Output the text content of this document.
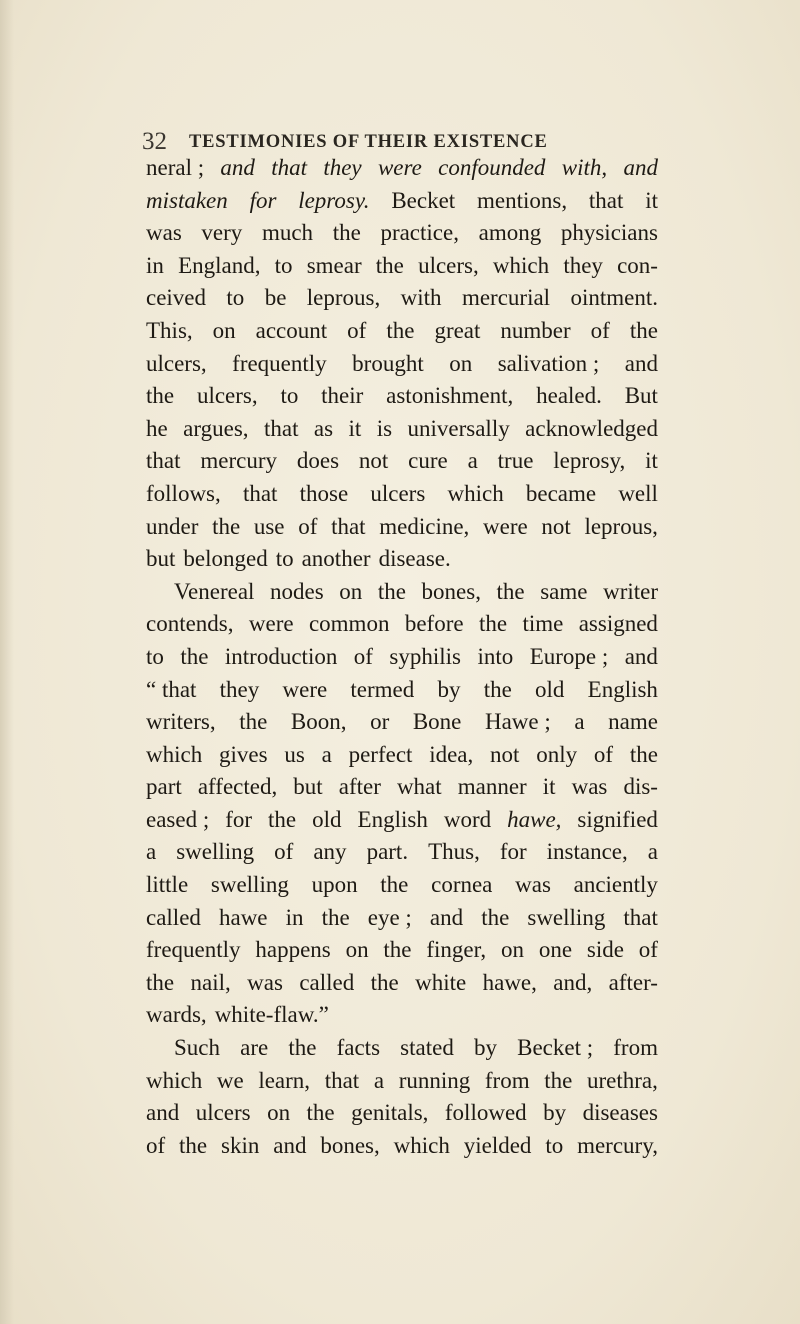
32 TESTIMONIES OF THEIR EXISTENCE
neral ; and that they were confounded with, and
mistaken for leprosy. Becket mentions, that it
was very much the practice, among physicians
in England, to smear the ulcers, which they con-
ceived to be leprous, with mercurial ointment.
This, on account of the great number of the
ulcers, frequently brought on salivation ; and
the ulcers, to their astonishment, healed. But
he argues, that as it is universally acknowledged
that mercury does not cure a true leprosy, it
follows, that those ulcers which became well
under the use of that medicine, were not leprous,
but belonged to another disease.
Venereal nodes on the bones, the same writer
contends, were common before the time assigned
to the introduction of syphilis into Europe ; and
“ that they were termed by the old English
writers, the Boon, or Bone Hawe ; a name
which gives us a perfect idea, not only of the
part affected, but after what manner it was dis-
eased ; for the old English word hawe, signified
a swelling of any part. Thus, for instance, a
little swelling upon the cornea was anciently
called hawe in the eye ; and the swelling that
frequently happens on the finger, on one side of
the nail, was called the white hawe, and, after-
wards, white-flaw.”
Such are the facts stated by Becket ; from
which we learn, that a running from the urethra,
and ulcers on the genitals, followed by diseases
of the skin and bones, which yielded to mercury,
